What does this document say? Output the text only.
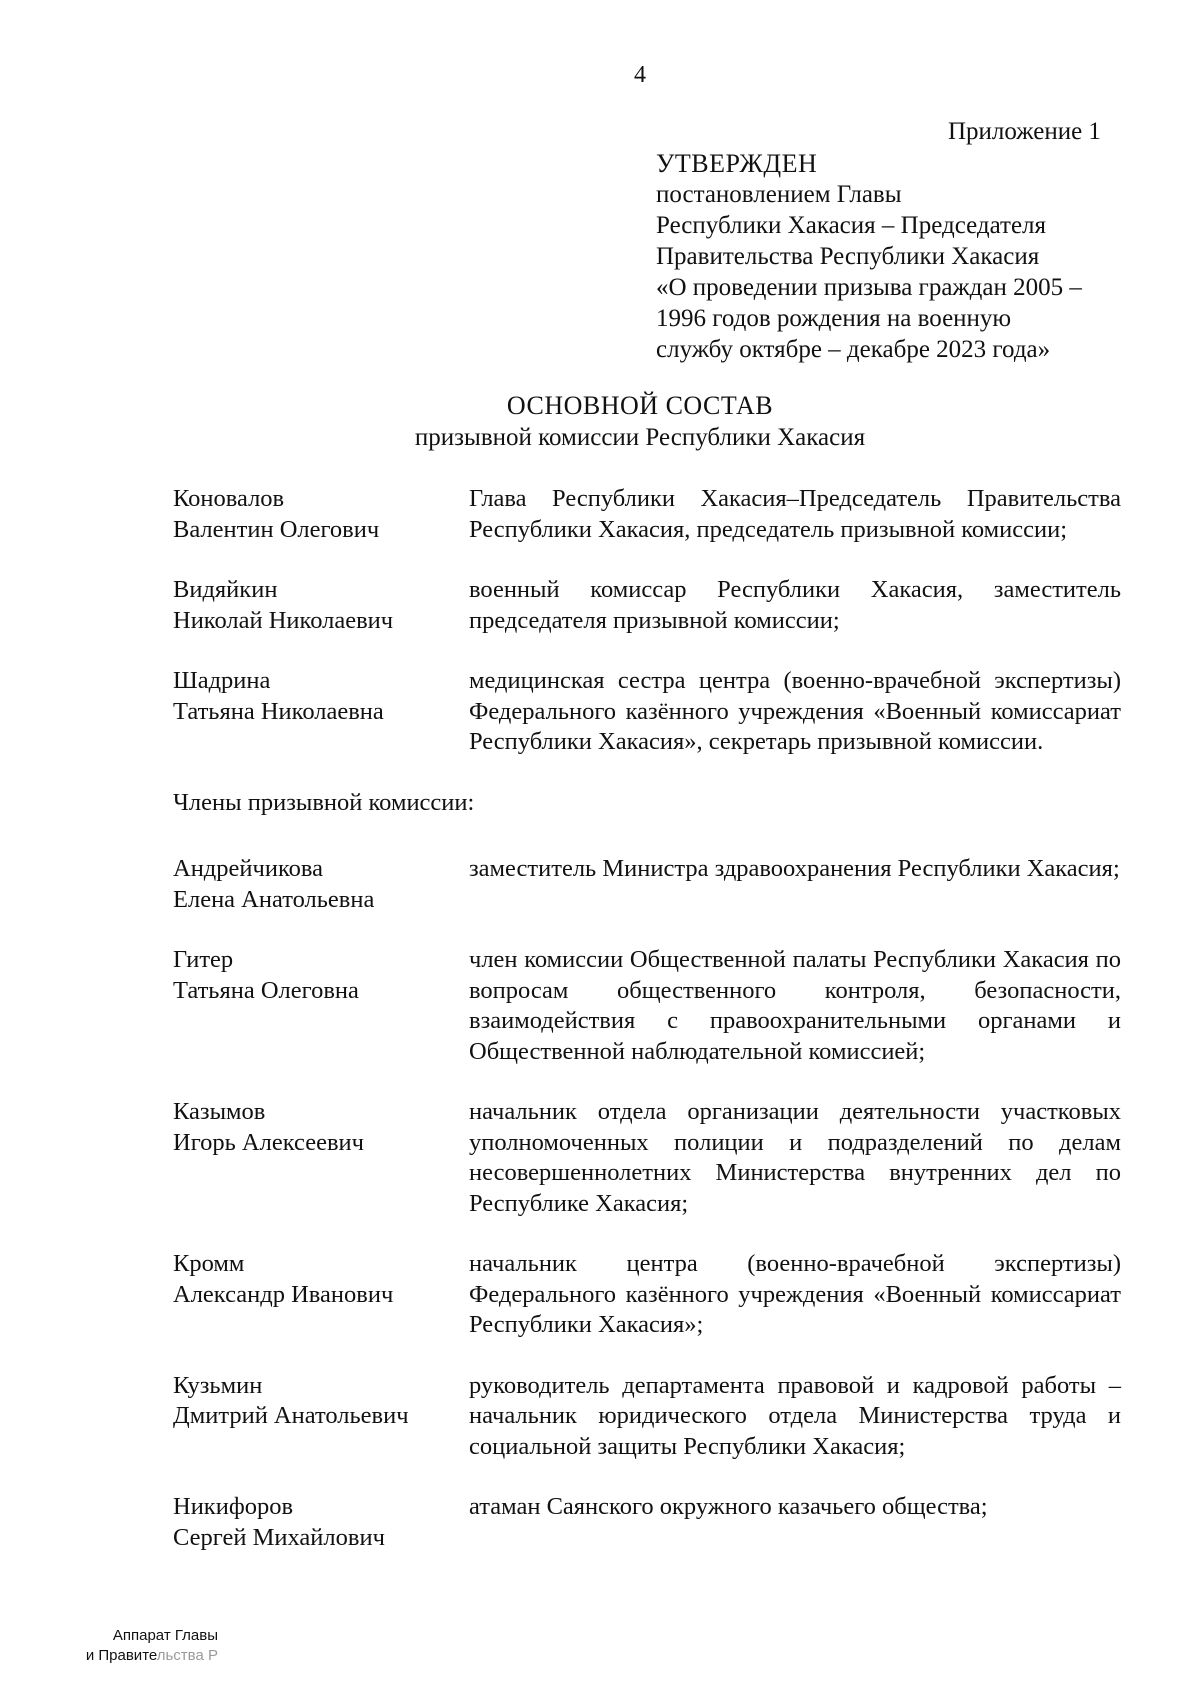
4
Приложение 1
УТВЕРЖДЕН
постановлением Главы
Республики Хакасия – Председателя
Правительства Республики Хакасия
«О проведении призыва граждан 2005 –
1996 годов рождения на военную
службу октябре – декабре 2023 года»
ОСНОВНОЙ СОСТАВ
призывной комиссии Республики Хакасия
Коновалов
Валентин Олегович
Глава Республики Хакасия–Председатель Правительства Республики Хакасия, председатель призывной комиссии;
Видяйкин
Николай Николаевич
военный комиссар Республики Хакасия, заместитель председателя призывной комиссии;
Шадрина
Татьяна Николаевна
медицинская сестра центра (военно-врачебной экспертизы) Федерального казённого учреждения «Военный комиссариат Республики Хакасия», секретарь призывной комиссии.
Члены призывной комиссии:
Андрейчикова
Елена Анатольевна
заместитель Министра здравоохранения Республики Хакасия;
Гитер
Татьяна Олеговна
член комиссии Общественной палаты Республики Хакасия по вопросам общественного контроля, безопасности, взаимодействия с правоохранительными органами и Общественной наблюдательной комиссией;
Казымов
Игорь Алексеевич
начальник отдела организации деятельности участковых уполномоченных полиции и подразделений по делам несовершеннолетних Министерства внутренних дел по Республике Хакасия;
Кромм
Александр Иванович
начальник центра (военно-врачебной экспертизы) Федерального казённого учреждения «Военный комиссариат Республики Хакасия»;
Кузьмин
Дмитрий Анатольевич
руководитель департамента правовой и кадровой работы – начальник юридического отдела Министерства труда и социальной защиты Республики Хакасия;
Никифоров
Сергей Михайлович
атаман Саянского окружного казачьего общества;
Аппарат Главы
и Правительства Р
